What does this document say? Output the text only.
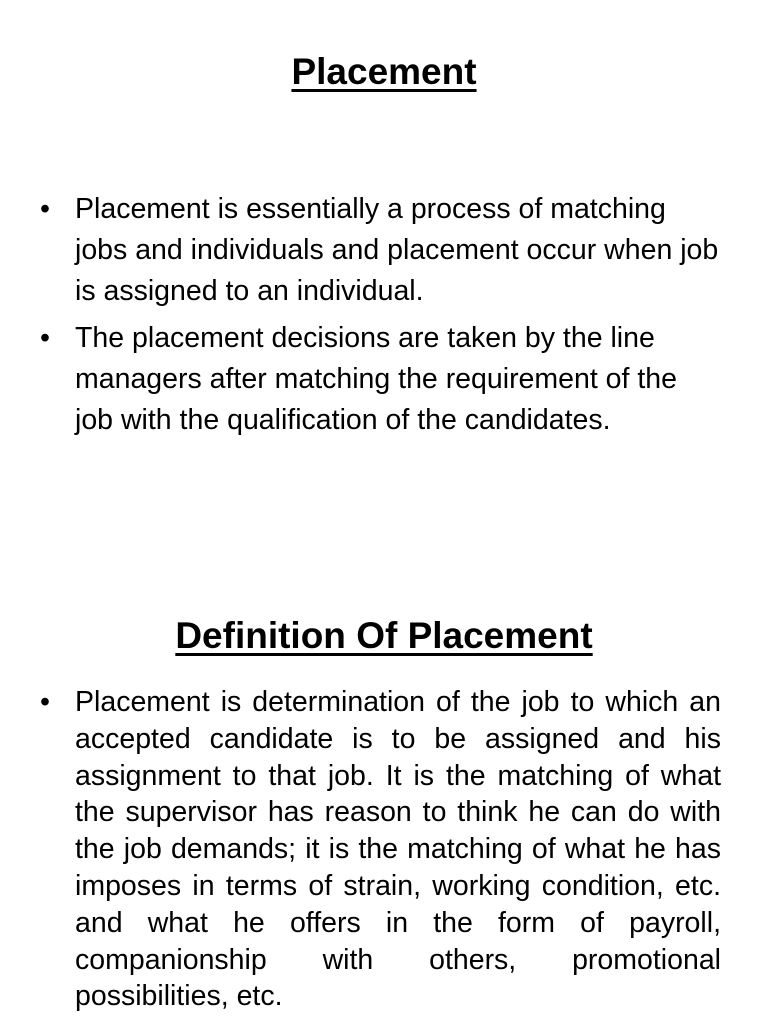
Placement
• Placement is essentially a process of matching jobs and individuals and placement occur when job is assigned to an individual.
• The placement decisions are taken by the line managers after matching the requirement of the job with the qualification of the candidates.
Definition Of Placement
• Placement is determination of the job to which an accepted candidate is to be assigned and his assignment to that job. It is the matching of what the supervisor has reason to think he can do with the job demands; it is the matching of what he has imposes in terms of strain, working condition, etc. and what he offers in the form of payroll, companionship with others, promotional possibilities, etc.
